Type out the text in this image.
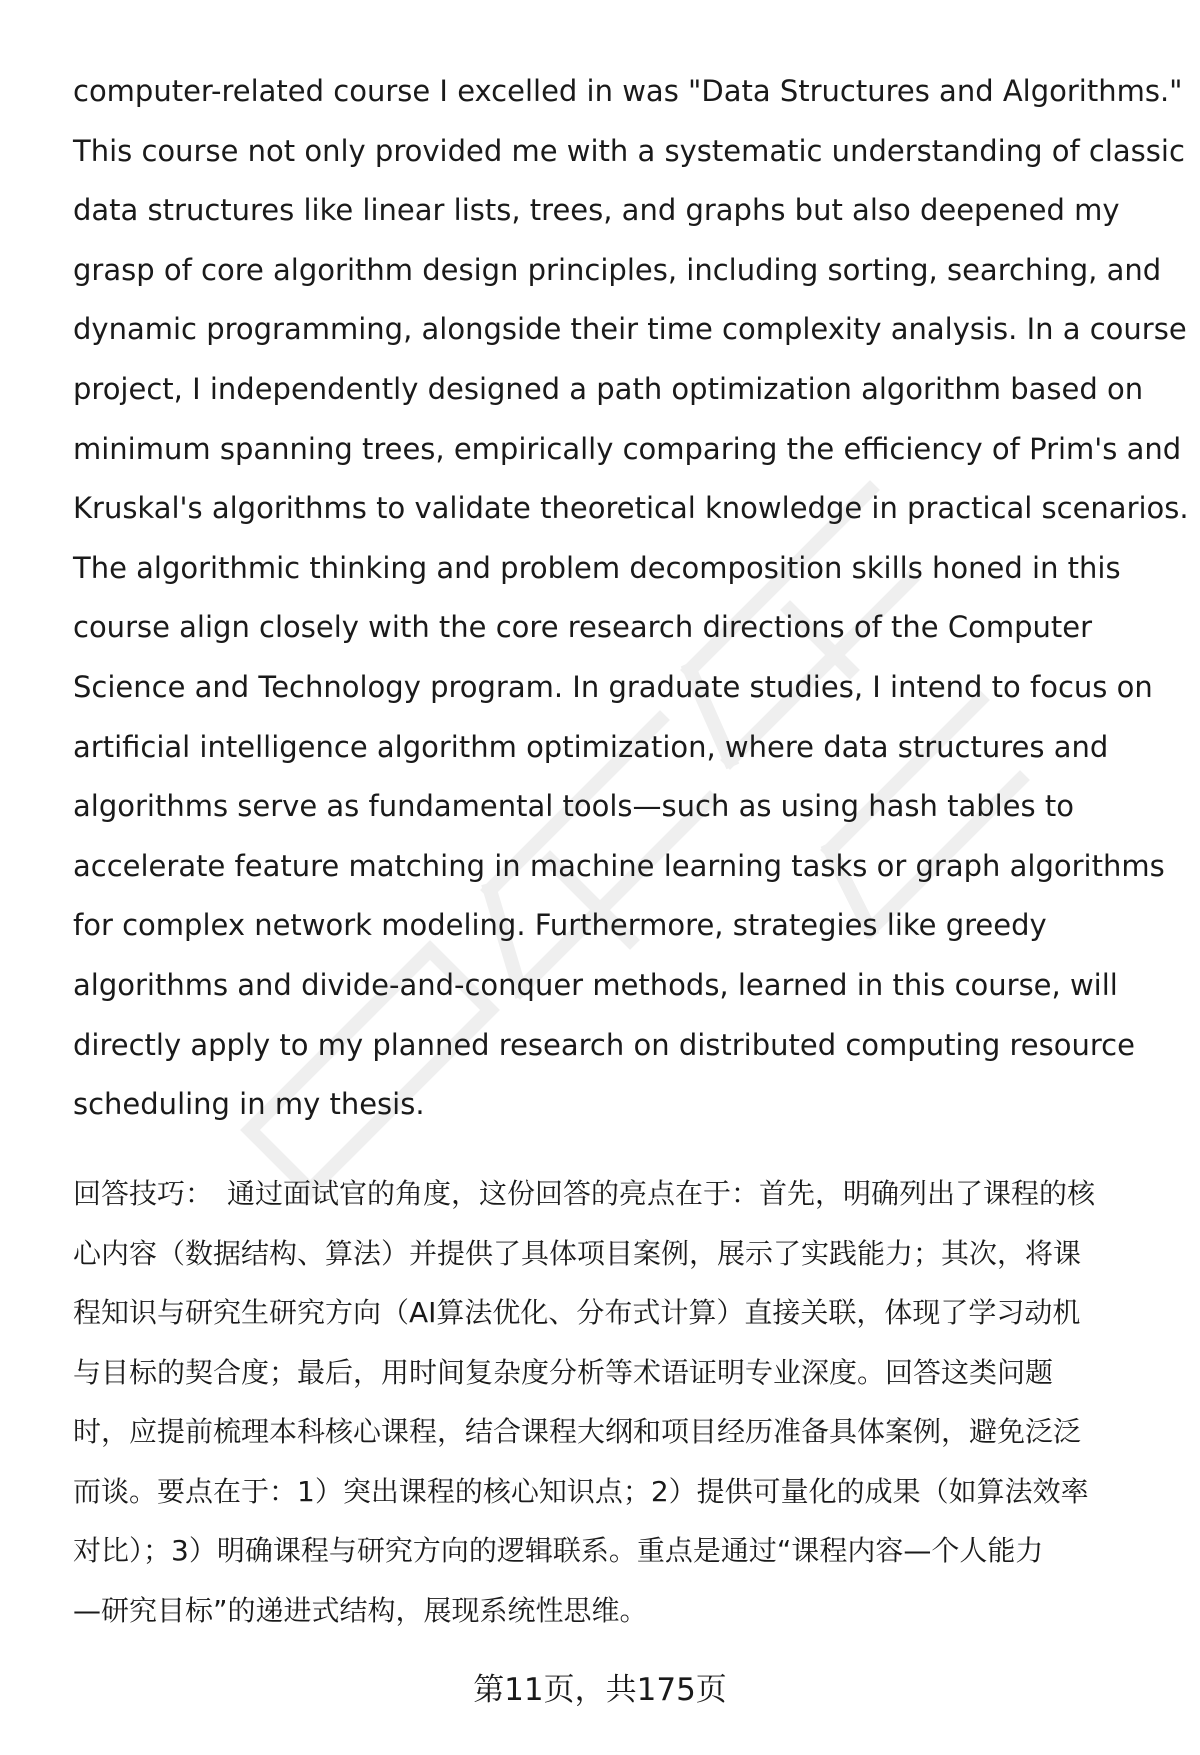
computer-related course I excelled in was "Data Structures and Algorithms."
This course not only provided me with a systematic understanding of classic
data structures like linear lists, trees, and graphs but also deepened my
grasp of core algorithm design principles, including sorting, searching, and
dynamic programming, alongside their time complexity analysis. In a course
project, I independently designed a path optimization algorithm based on
minimum spanning trees, empirically comparing the efficiency of Prim's and
Kruskal's algorithms to validate theoretical knowledge in practical scenarios.
The algorithmic thinking and problem decomposition skills honed in this
course align closely with the core research directions of the Computer
Science and Technology program. In graduate studies, I intend to focus on
artificial intelligence algorithm optimization, where data structures and
algorithms serve as fundamental tools—such as using hash tables to
accelerate feature matching in machine learning tasks or graph algorithms
for complex network modeling. Furthermore, strategies like greedy
algorithms and divide-and-conquer methods, learned in this course, will
directly apply to my planned research on distributed computing resource
scheduling in my thesis.
回答技巧： 通过面试官的角度，这份回答的亮点在于：首先，明确列出了课程的核
心内容（数据结构、算法）并提供了具体项目案例，展示了实践能力；其次，将课
程知识与研究生研究方向（AI算法优化、分布式计算）直接关联，体现了学习动机
与目标的契合度；最后，用时间复杂度分析等术语证明专业深度。回答这类问题
时，应提前梳理本科核心课程，结合课程大纲和项目经历准备具体案例，避免泛泛
而谈。要点在于：1）突出课程的核心知识点；2）提供可量化的成果（如算法效率
对比）；3）明确课程与研究方向的逻辑联系。重点是通过“课程内容—个人能力
—研究目标”的递进式结构，展现系统性思维。
第11页，共175页
